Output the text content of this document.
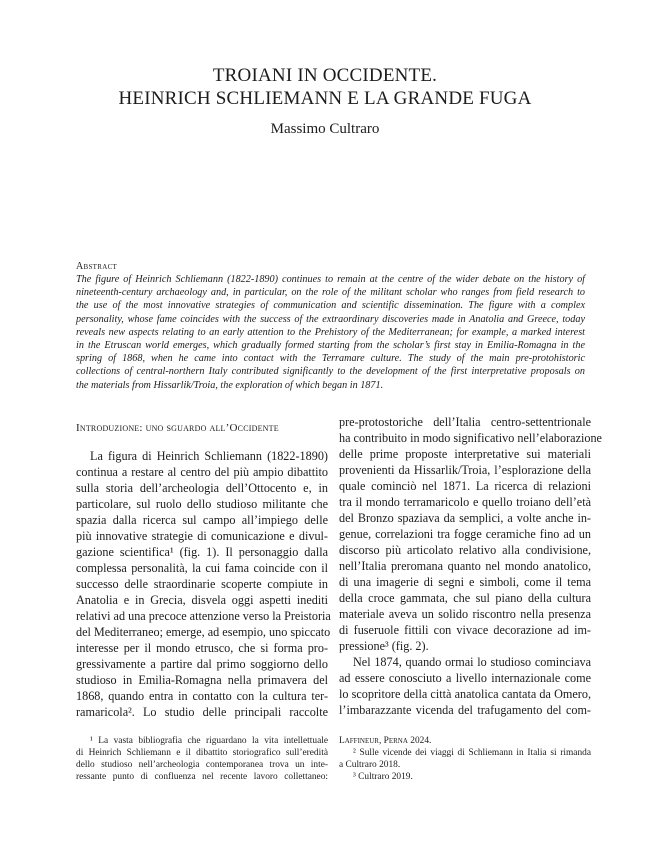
TROIANI IN OCCIDENTE.
HEINRICH SCHLIEMANN E LA GRANDE FUGA
Massimo Cultraro
Abstract
The figure of Heinrich Schliemann (1822-1890) continues to remain at the centre of the wider debate on the history of
nineteenth-century archaeology and, in particular, on the role of the militant scholar who ranges from field research to
the use of the most innovative strategies of communication and scientific dissemination. The figure with a complex
personality, whose fame coincides with the success of the extraordinary discoveries made in Anatolia and Greece, today
reveals new aspects relating to an early attention to the Prehistory of the Mediterranean; for example, a marked interest
in the Etruscan world emerges, which gradually formed starting from the scholar’s first stay in Emilia-Romagna in the
spring of 1868, when he came into contact with the Terramare culture. The study of the main pre-protohistoric
collections of central-northern Italy contributed significantly to the development of the first interpretative proposals on
the materials from Hissarlik/Troia, the exploration of which began in 1871.
Introduzione: uno sguardo all’Occidente
La figura di Heinrich Schliemann (1822-1890)
continua a restare al centro del più ampio dibattito
sulla storia dell’archeologia dell’Ottocento e, in
particolare, sul ruolo dello studioso militante che
spazia dalla ricerca sul campo all’impiego delle
più innovative strategie di comunicazione e divul-
gazione scientifica¹ (fig. 1). Il personaggio dalla
complessa personalità, la cui fama coincide con il
successo delle straordinarie scoperte compiute in
Anatolia e in Grecia, disvela oggi aspetti inediti
relativi ad una precoce attenzione verso la Preistoria
del Mediterraneo; emerge, ad esempio, uno spiccato
interesse per il mondo etrusco, che si forma pro-
gressivamente a partire dal primo soggiorno dello
studioso in Emilia-Romagna nella primavera del
1868, quando entra in contatto con la cultura ter-
ramaricola². Lo studio delle principali raccolte
pre-protostoriche dell’Italia centro-settentrionale
ha contribuito in modo significativo nell’elaborazione
delle prime proposte interpretative sui materiali
provenienti da Hissarlik/Troia, l’esplorazione della
quale cominciò nel 1871. La ricerca di relazioni
tra il mondo terramaricolo e quello troiano dell’età
del Bronzo spaziava da semplici, a volte anche in-
genue, correlazioni tra fogge ceramiche fino ad un
discorso più articolato relativo alla condivisione,
nell’Italia preromana quanto nel mondo anatolico,
di una imagerie di segni e simboli, come il tema
della croce gammata, che sul piano della cultura
materiale aveva un solido riscontro nella presenza
di fuseruole fittili con vivace decorazione ad im-
pressione³ (fig. 2).
Nel 1874, quando ormai lo studioso cominciava
ad essere conosciuto a livello internazionale come
lo scopritore della città anatolica cantata da Omero,
l’imbarazzante vicenda del trafugamento del com-
¹ La vasta bibliografia che riguardano la vita intellettuale
di Heinrich Schliemann e il dibattito storiografico sull’eredità
dello studioso nell’archeologia contemporanea trova un inte-
ressante punto di confluenza nel recente lavoro collettaneo:
Laffineur, Perna 2024.
² Sulle vicende dei viaggi di Schliemann in Italia si rimanda
a Cultraro 2018.
³ Cultraro 2019.
